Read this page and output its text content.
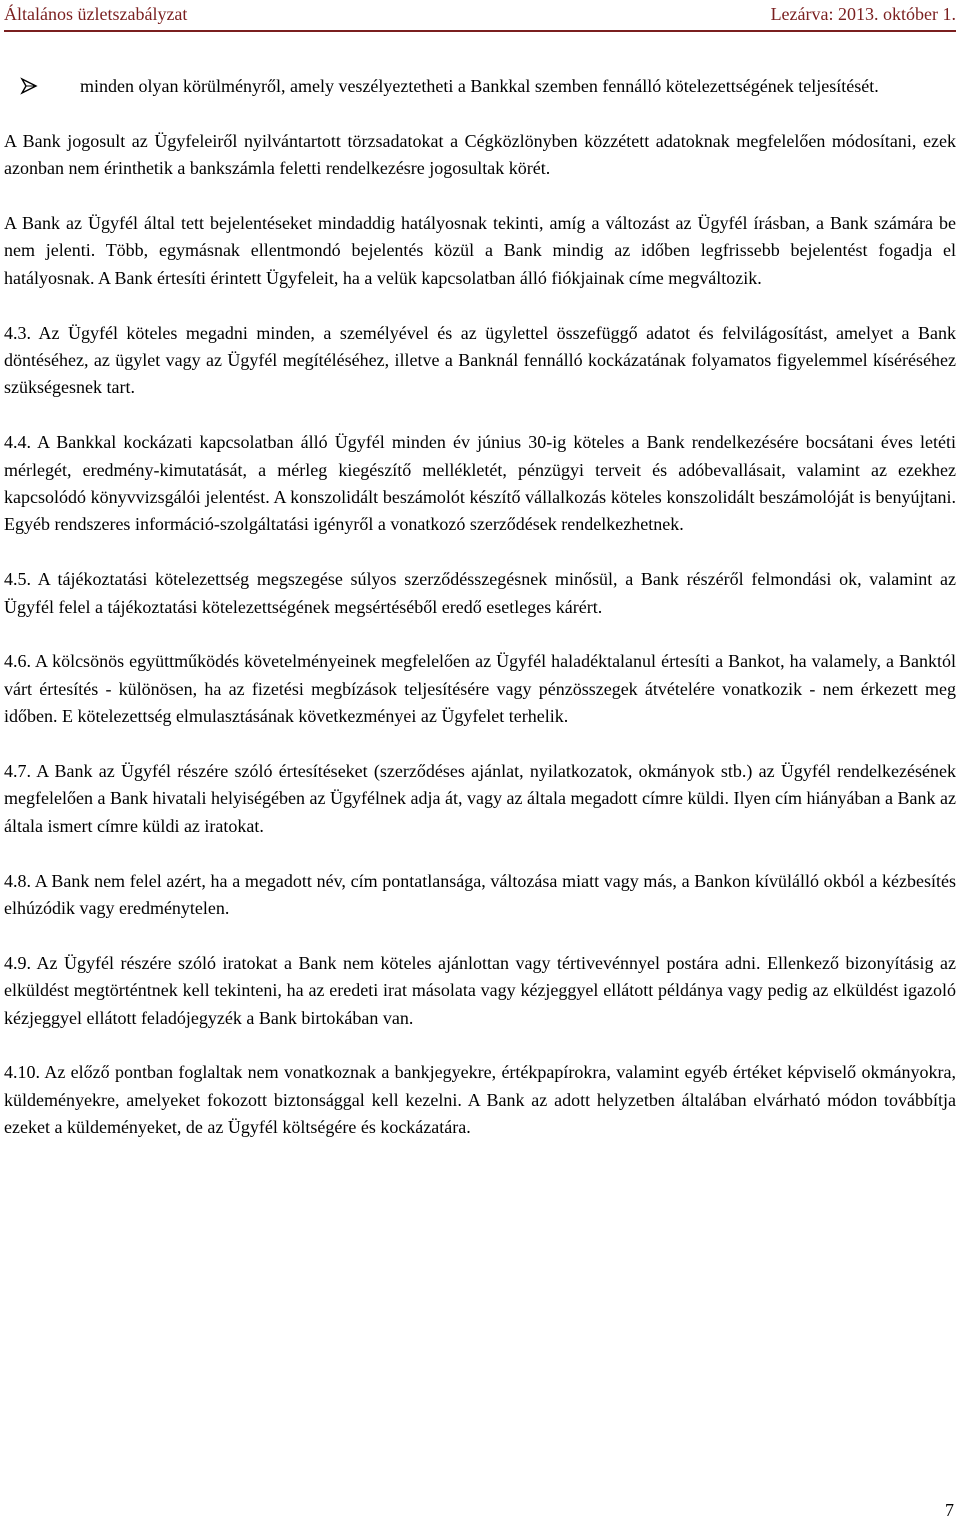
Általános üzletszabályzat	Lezárva: 2013. október 1.
minden olyan körülményről, amely veszélyeztetheti a Bankkal szemben fennálló kötelezettségének teljesítését.

A Bank jogosult az Ügyfeleiről nyilvántartott törzsadatokat a Cégközlönyben közzétett adatoknak megfelelően módosítani, ezek azonban nem érinthetik a bankszámla feletti rendelkezésre jogosultak körét.

A Bank az Ügyfél által tett bejelentéseket mindaddig hatályosnak tekinti, amíg a változást az Ügyfél írásban, a Bank számára be nem jelenti. Több, egymásnak ellentmondó bejelentés közül a Bank mindig az időben legfrissebb bejelentést fogadja el hatályosnak. A Bank értesíti érintett Ügyfeleit, ha a velük kapcsolatban álló fiókjainak címe megváltozik.

4.3. Az Ügyfél köteles megadni minden, a személyével és az ügylettel összefüggő adatot és felvilágosítást, amelyet a Bank döntéséhez, az ügylet vagy az Ügyfél megítéléséhez, illetve a Banknál fennálló kockázatának folyamatos figyelemmel kíséréséhez szükségesnek tart.

4.4. A Bankkal kockázati kapcsolatban álló Ügyfél minden év június 30-ig köteles a Bank rendelkezésére bocsátani éves letéti mérlegét, eredmény-kimutatását, a mérleg kiegészítő mellékletét, pénzügyi terveit és adóbevallásait, valamint az ezekhez kapcsolódó könyvvizsgálói jelentést. A konszolidált beszámolót készítő vállalkozás köteles konszolidált beszámolóját is benyújtani. Egyéb rendszeres információ-szolgáltatási igényről a vonatkozó szerződések rendelkezhetnek.

4.5. A tájékoztatási kötelezettség megszegése súlyos szerződésszegésnek minősül, a Bank részéről felmondási ok, valamint az Ügyfél felel a tájékoztatási kötelezettségének megsértéséből eredő esetleges kárért.

4.6. A kölcsönös együttműködés követelményeinek megfelelően az Ügyfél haladéktalanul értesíti a Bankot, ha valamely, a Banktól várt értesítés - különösen, ha az fizetési megbízások teljesítésére vagy pénzösszegek átvételére vonatkozik - nem érkezett meg időben. E kötelezettség elmulasztásának következményei az Ügyfelet terhelik.

4.7. A Bank az Ügyfél részére szóló értesítéseket (szerződéses ajánlat, nyilatkozatok, okmányok stb.) az Ügyfél rendelkezésének megfelelően a Bank hivatali helyiségében az Ügyfélnek adja át, vagy az általa megadott címre küldi. Ilyen cím hiányában a Bank az általa ismert címre küldi az iratokat.

4.8. A Bank nem felel azért, ha a megadott név, cím pontatlansága, változása miatt vagy más, a Bankon kívülálló okból a kézbesítés elhúzódik vagy eredménytelen.

4.9. Az Ügyfél részére szóló iratokat a Bank nem köteles ajánlottan vagy tértivevénnyel postára adni. Ellenkező bizonyításig az elküldést megtörténtnek kell tekinteni, ha az eredeti irat másolata vagy kézjeggyel ellátott példánya vagy pedig az elküldést igazoló kézjeggyel ellátott feladójegyzék a Bank birtokában van.

4.10. Az előző pontban foglaltak nem vonatkoznak a bankjegyekre, értékpapírokra, valamint egyéb értéket képviselő okmányokra, küldeményekre, amelyeket fokozott biztonsággal kell kezelni. A Bank az adott helyzetben általában elvárható módon továbbítja ezeket a küldeményeket, de az Ügyfél költségére és kockázatára.

7
